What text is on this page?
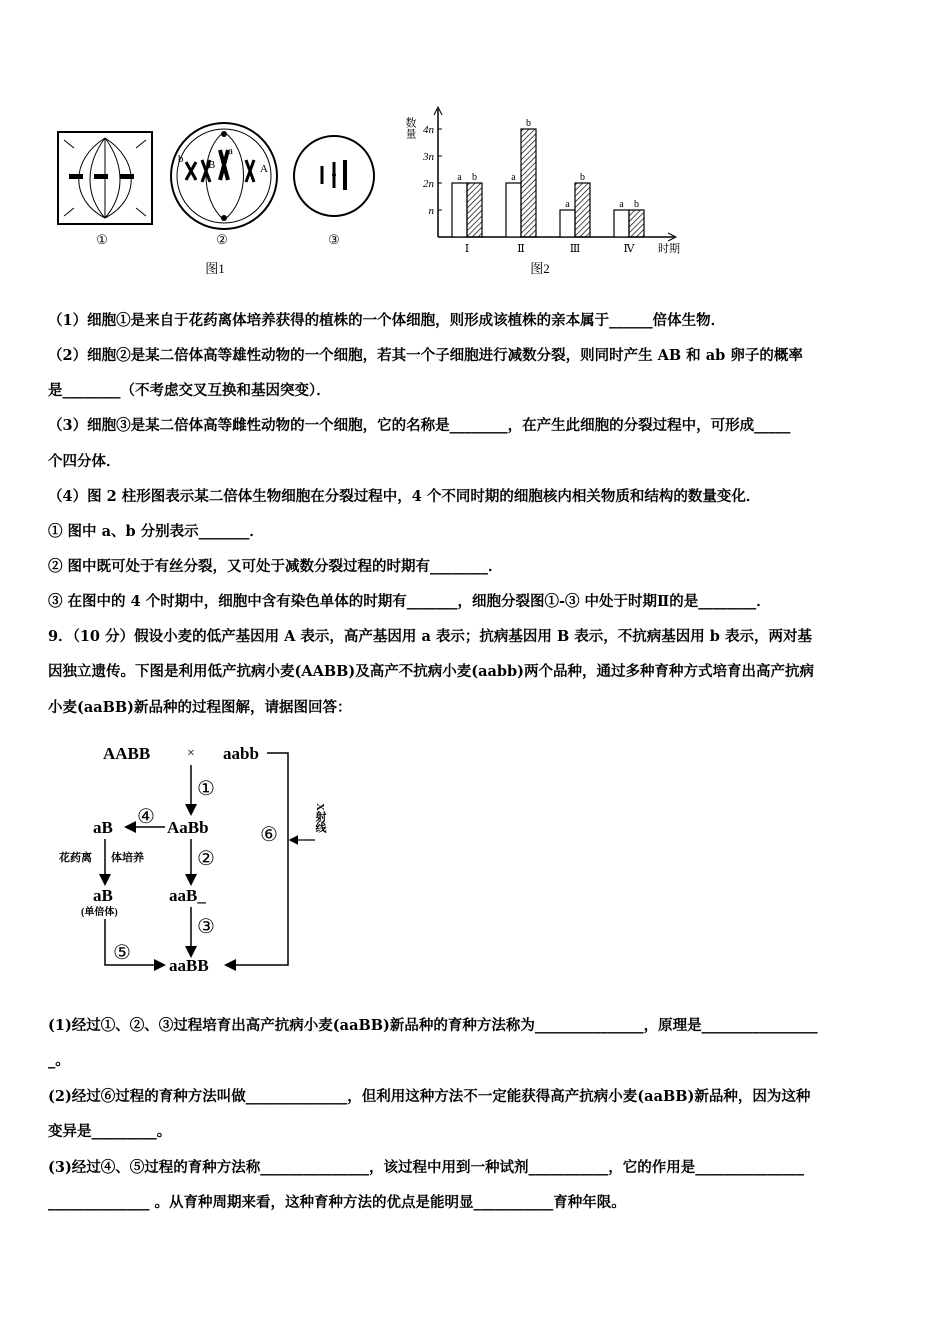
①
b B
a
A
②	③
图1	图2
数量
n
2n
3n
4n
a b
Ⅰ
a
b
Ⅱ
a
b
Ⅲ
a b
Ⅳ 时期
（1）细胞①是来自于花药离体培养获得的植株的一个体细胞，则形成该植株的亲本属于______倍体生物．
（2）细胞②是某二倍体高等雄性动物的一个细胞，若其一个子细胞进行减数分裂，则同时产生 AB 和 ab 卵子的概率
是________（不考虑交叉互换和基因突变）．
（3）细胞③是某二倍体高等雌性动物的一个细胞，它的名称是________，在产生此细胞的分裂过程中，可形成_____
个四分体．
（4）图 2 柱形图表示某二倍体生物细胞在分裂过程中，4 个不同时期的细胞核内相关物质和结构的数量变化．
① 图中 a、b 分别表示_______．
② 图中既可处于有丝分裂，又可处于减数分裂过程的时期有________．
③ 在图中的 4 个时期中，细胞中含有染色单体的时期有_______，细胞分裂图①-③ 中处于时期Ⅱ的是________．
9．（10 分）假设小麦的低产基因用 A 表示，高产基因用 a 表示；抗病基因用 B 表示，不抗病基因用 b 表示，两对基
因独立遗传。下图是利用低产抗病小麦(AABB)及高产不抗病小麦(aabb)两个品种，通过多种育种方式培育出高产抗病
小麦(aaBB)新品种的过程图解，请据图回答：
AABB	× aabb
X射线
⑥
①
AaBb
④
aB
花药离 体培养
aB
(单倍体)
②
aaB_
③
⑤
aaBB
(1)经过①、②、③过程培育出高产抗病小麦(aaBB)新品种的育种方法称为_______________，原理是________________
_。
(2)经过⑥过程的育种方法叫做______________，但利用这种方法不一定能获得高产抗病小麦(aaBB)新品种，因为这种
变异是_________。
(3)经过④、⑤过程的育种方法称_______________，该过程中用到一种试剂___________，它的作用是_______________
______________ 。从育种周期来看，这种育种方法的优点是能明显___________育种年限。
